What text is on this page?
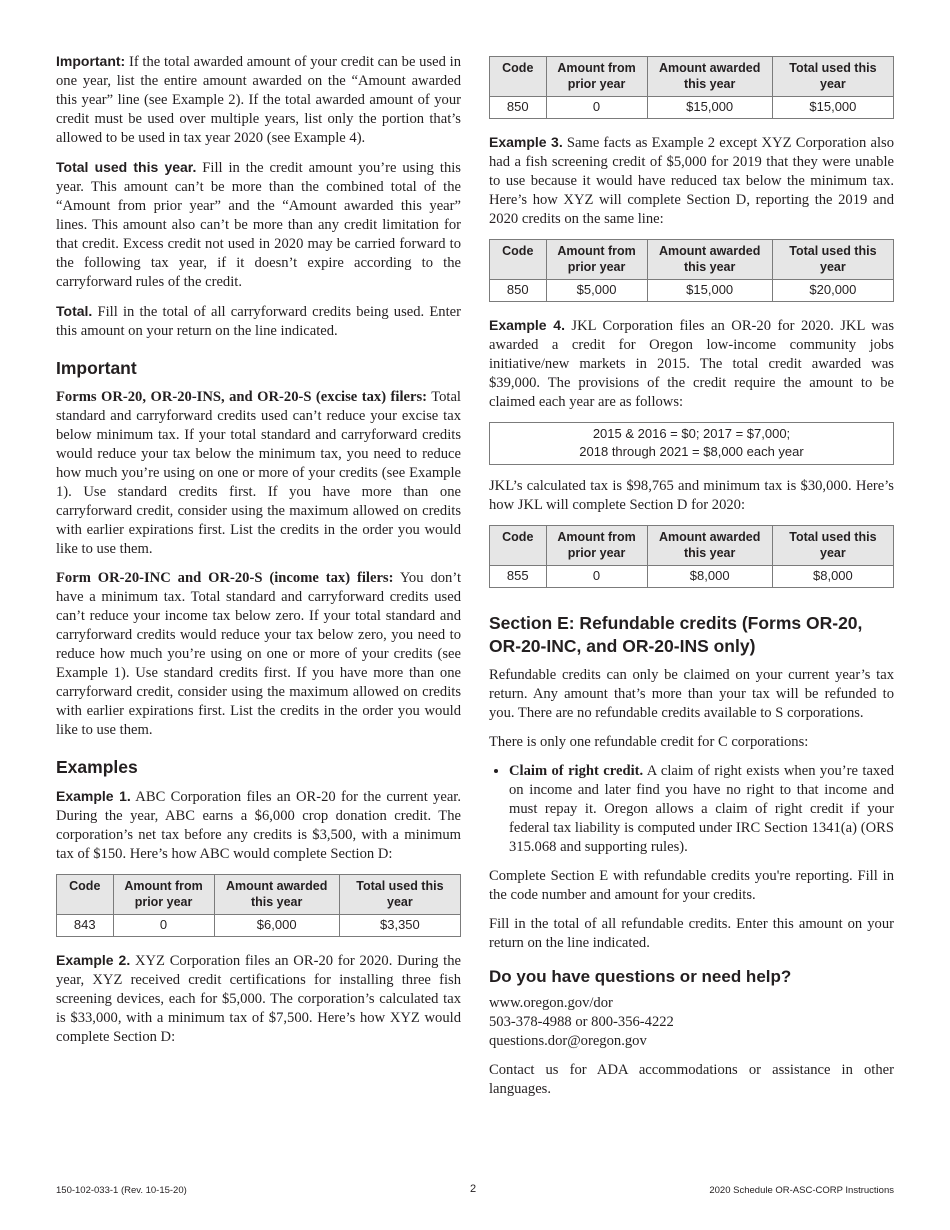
Important: If the total awarded amount of your credit can be used in one year, list the entire amount awarded on the “Amount awarded this year” line (see Example 2). If the total awarded amount of your credit must be used over multiple years, list only the portion that’s allowed to be used in tax year 2020 (see Example 4).

Total used this year. Fill in the credit amount you’re using this year. This amount can’t be more than the combined total of the “Amount from prior year” and the “Amount awarded this year” lines. This amount also can’t be more than any credit limitation for that credit. Excess credit not used in 2020 may be carried forward to the following tax year, if it doesn’t expire according to the carryforward rules of the credit.

Total. Fill in the total of all carryforward credits being used. Enter this amount on your return on the line indicated.

Important

Forms OR-20, OR-20-INS, and OR-20-S (excise tax) filers: Total standard and carryforward credits used can’t reduce your excise tax below minimum tax. If your total standard and carryforward credits would reduce your tax below the minimum tax, you need to reduce how much you’re using on one or more of your credits (see Example 1). Use standard credits first. If you have more than one carryforward credit, consider using the maximum allowed on credits with earlier expirations first. List the credits in the order you would like to use them.

Form OR-20-INC and OR-20-S (income tax) filers: You don’t have a minimum tax. Total standard and carryforward credits used can’t reduce your income tax below zero. If your total standard and carryforward credits would reduce your tax below zero, you need to reduce how much you’re using on one or more of your credits (see Example 1). Use standard credits first. If you have more than one carryforward credit, consider using the maximum allowed on credits with earlier expirations first. List the credits in the order you would like to use them.

Examples

Example 1. ABC Corporation files an OR-20 for the current year. During the year, ABC earns a $6,000 crop donation credit. The corporation’s net tax before any credits is $3,500, with a minimum tax of $150. Here’s how ABC would complete Section D:

Code	Amount from prior year	Amount awarded this year	Total used this year
843	0	$6,000	$3,350

Example 2. XYZ Corporation files an OR-20 for 2020. During the year, XYZ received credit certifications for installing three fish screening devices, each for $5,000. The corporation’s calculated tax is $33,000, with a minimum tax of $7,500. Here’s how XYZ would complete Section D:

Code	Amount from prior year	Amount awarded this year	Total used this year
850	0	$15,000	$15,000

Example 3. Same facts as Example 2 except XYZ Corporation also had a fish screening credit of $5,000 for 2019 that they were unable to use because it would have reduced tax below the minimum tax. Here’s how XYZ will complete Section D, reporting the 2019 and 2020 credits on the same line:

Code	Amount from prior year	Amount awarded this year	Total used this year
850	$5,000	$15,000	$20,000

Example 4. JKL Corporation files an OR-20 for 2020. JKL was awarded a credit for Oregon low-income community jobs initiative/new markets in 2015. The total credit awarded was $39,000. The provisions of the credit require the amount to be claimed each year are as follows:

2015 & 2016 = $0; 2017 = $7,000;
2018 through 2021 = $8,000 each year

JKL’s calculated tax is $98,765 and minimum tax is $30,000. Here’s how JKL will complete Section D for 2020:

Code	Amount from prior year	Amount awarded this year	Total used this year
855	0	$8,000	$8,000
Section E: Refundable credits (Forms OR-20, OR-20-INC, and OR-20-INS only)

Refundable credits can only be claimed on your current year’s tax return. Any amount that’s more than your tax will be refunded to you. There are no refundable credits available to S corporations.

There is only one refundable credit for C corporations:

• Claim of right credit. A claim of right exists when you’re taxed on income and later find you have no right to that income and must repay it. Oregon allows a claim of right credit if your federal tax liability is computed under IRC Section 1341(a) (ORS 315.068 and supporting rules).

Complete Section E with refundable credits you're reporting. Fill in the code number and amount for your credits.

Fill in the total of all refundable credits. Enter this amount on your return on the line indicated.

Do you have questions or need help?

www.oregon.gov/dor

503-378-4988 or 800-356-4222

questions.dor@oregon.gov

Contact us for ADA accommodations or assistance in other languages.

150-102-033-1 (Rev. 10-15-20)	2	2020 Schedule OR-ASC-CORP Instructions
